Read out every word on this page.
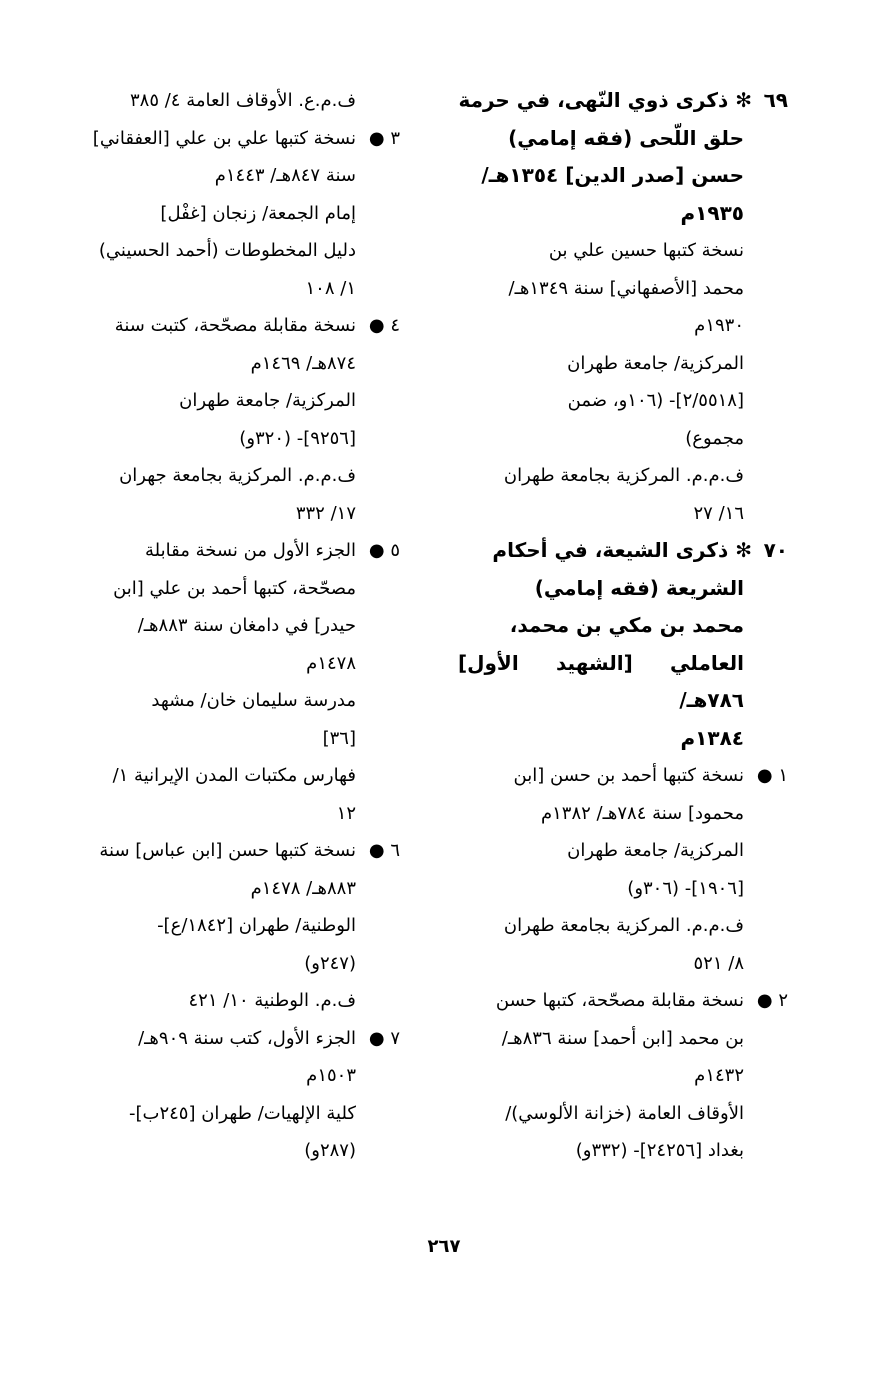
٦٩✻ ذكرى ذوي النّهى، في حرمة
حلق اللّحى (فقه إمامي)
حسن [صدر الدين] ١٣٥٤هـ/
١٩٣٥م
نسخة كتبها حسين علي بن
محمد [الأصفهاني] سنة ١٣٤٩هـ/
١٩٣٠م
المركزية/ جامعة طهران
[٢/٥٥١٨]- (١٠٦و، ضمن
مجموع)
ف.م.م. المركزية بجامعة طهران
١٦/ ٢٧
٧٠✻ ذكرى الشيعة، في أحكام
الشريعة (فقه إمامي)
محمد بن مكي بن محمد،
العاملي [الشهيد الأول] ٧٨٦هـ/
١٣٨٤م
١ ●نسخة كتبها أحمد بن حسن [ابن
محمود] سنة ٧٨٤هـ/ ١٣٨٢م
المركزية/ جامعة طهران
[١٩٠٦]- (٣٠٦و)
ف.م.م. المركزية بجامعة طهران
٨/ ٥٢١
٢ ●نسخة مقابلة مصحّحة، كتبها حسن
بن محمد [ابن أحمد] سنة ٨٣٦هـ/
١٤٣٢م
الأوقاف العامة (خزانة الألوسي)/
بغداد [٢٤٢٥٦]- (٣٣٢و)
ف.م.ع. الأوقاف العامة ٤/ ٣٨٥
٣ ●نسخة كتبها علي بن علي [العفقاني]
سنة ٨٤٧هـ/ ١٤٤٣م
إمام الجمعة/ زنجان [غفْل]
دليل المخطوطات (أحمد الحسيني)
١/ ١٠٨
٤ ●نسخة مقابلة مصحّحة، كتبت سنة
٨٧٤هـ/ ١٤٦٩م
المركزية/ جامعة طهران
[٩٢٥٦]- (٣٢٠و)
ف.م.م. المركزية بجامعة جهران
١٧/ ٣٣٢
٥ ●الجزء الأول من نسخة مقابلة
مصحّحة، كتبها أحمد بن علي [ابن
حيدر] في دامغان سنة ٨٨٣هـ/
١٤٧٨م
مدرسة سليمان خان/ مشهد
[٣٦]
فهارس مكتبات المدن الإيرانية ١/
١٢
٦ ●نسخة كتبها حسن [ابن عباس] سنة
٨٨٣هـ/ ١٤٧٨م
الوطنية/ طهران [١٨٤٢/ع]-
(٢٤٧و)
ف.م. الوطنية ١٠/ ٤٢١
٧ ●الجزء الأول، كتب سنة ٩٠٩هـ/
١٥٠٣م
كلية الإلهيات/ طهران [٢٤٥ب]-
(٢٨٧و)
٢٦٧
